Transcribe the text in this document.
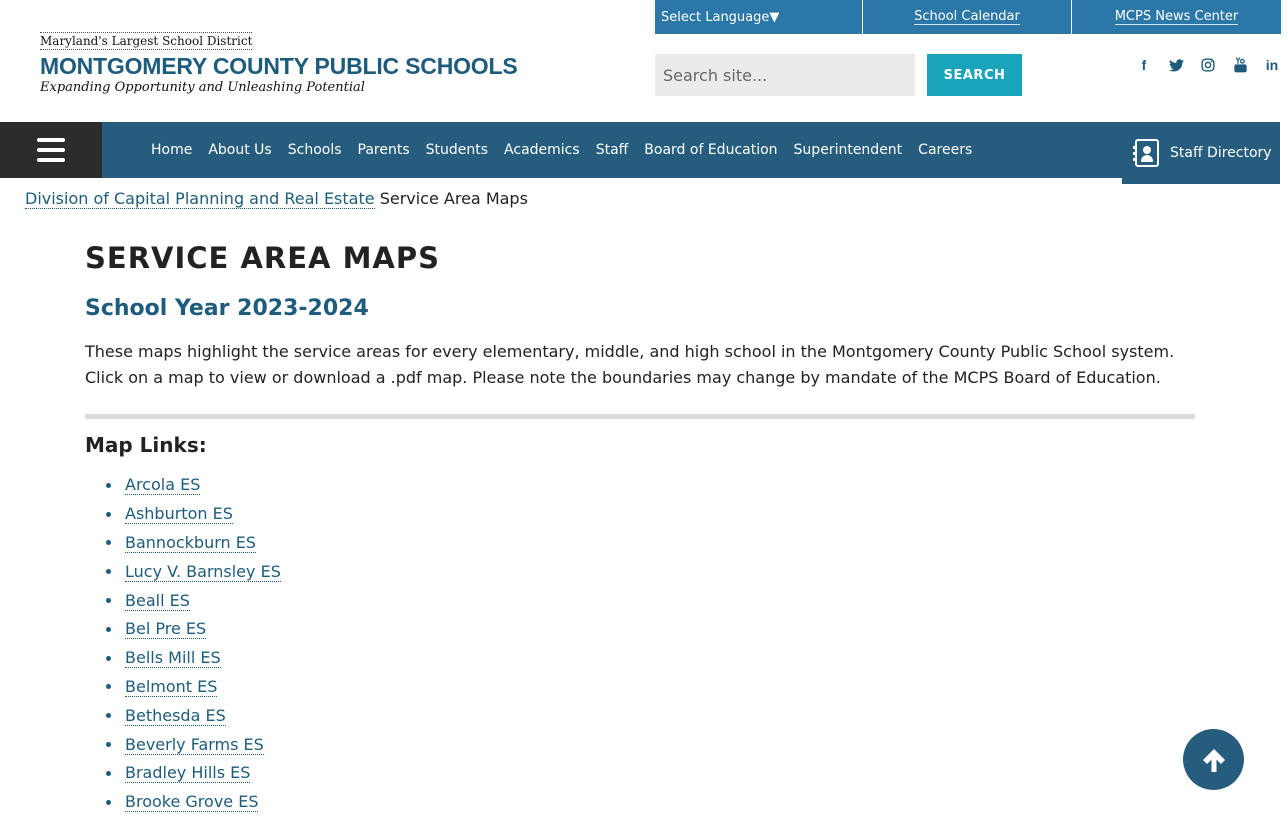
Maryland's Largest School District
MONTGOMERY COUNTY PUBLIC SCHOOLS
Expanding Opportunity and Unleashing Potential
Select Language▼	School Calendar	MCPS News Center
Search site...
SEARCH
f	in
Home	About Us	Schools	Parents	Students	Academics	Staff	Board of Education	Superintendent	Careers	Staff Directory
Division of Capital Planning and Real Estate Service Area Maps
SERVICE AREA MAPS
School Year 2023-2024

These maps highlight the service areas for every elementary, middle, and high school in the Montgomery County Public School system. Click on a map to view or download a .pdf map. Please note the boundaries may change by mandate of the MCPS Board of Education.

Map Links:
Arcola ES
Ashburton ES
Bannockburn ES
Lucy V. Barnsley ES
Beall ES
Bel Pre ES
Bells Mill ES
Belmont ES
Bethesda ES
Beverly Farms ES
Bradley Hills ES
Brooke Grove ES
